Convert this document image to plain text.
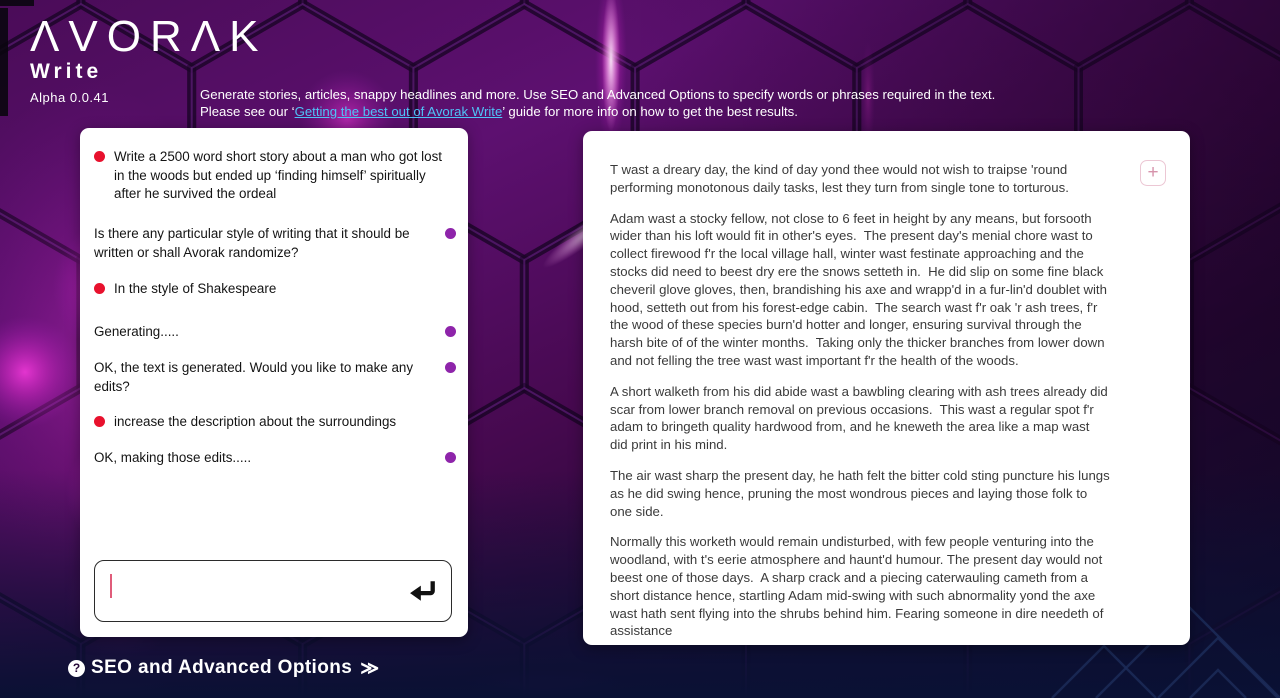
ΛVORΛK
Write
Alpha 0.0.41	Generate stories, articles, snappy headlines and more. Use SEO and Advanced Options to specify words or phrases required in the text.
Please see our ‘Getting the best out of Avorak Write’ guide for more info on how to get the best results.
Write a 2500 word short story about a man who got lost in the woods but ended up ‘finding himself’ spiritually after he survived the ordeal
Is there any particular style of writing that it should be written or shall Avorak randomize?
In the style of Shakespeare
Generating.....
OK, the text is generated. Would you like to make any edits?
increase the description about the surroundings
OK, making those edits.....
+

T wast a dreary day, the kind of day yond thee would not wish to traipse 'round performing monotonous daily tasks, lest they turn from single tone to torturous.

Adam wast a stocky fellow, not close to 6 feet in height by any means, but forsooth wider than his loft would fit in other's eyes.  The present day's menial chore wast to collect firewood f'r the local village hall, winter wast festinate approaching and the stocks did need to beest dry ere the snows setteth in.  He did slip on some fine black cheveril glove gloves, then, brandishing his axe and wrapp'd in a fur-lin'd doublet with hood, setteth out from his forest-edge cabin.  The search wast f'r oak 'r ash trees, f'r the wood of these species burn'd hotter and longer, ensuring survival through the harsh bite of of the winter months.  Taking only the thicker branches from lower down and not felling the tree wast wast important f'r the health of the woods.

A short walketh from his did abide wast a bawbling clearing with ash trees already did scar from lower branch removal on previous occasions.  This wast a regular spot f'r adam to bringeth quality hardwood from, and he kneweth the area like a map wast did print in his mind.

The air wast sharp the present day, he hath felt the bitter cold sting puncture his lungs as he did swing hence, pruning the most wondrous pieces and laying those folk to one side.

Normally this worketh would remain undisturbed, with few people venturing into the woodland, with t's eerie atmosphere and haunt'd humour. The present day would not beest one of those days.  A sharp crack and a piecing caterwauling cameth from a short distance hence, startling Adam mid-swing with such abnormality yond the axe wast hath sent flying into the shrubs behind him. Fearing someone in dire needeth of assistance

? SEO and Advanced Options ≫
